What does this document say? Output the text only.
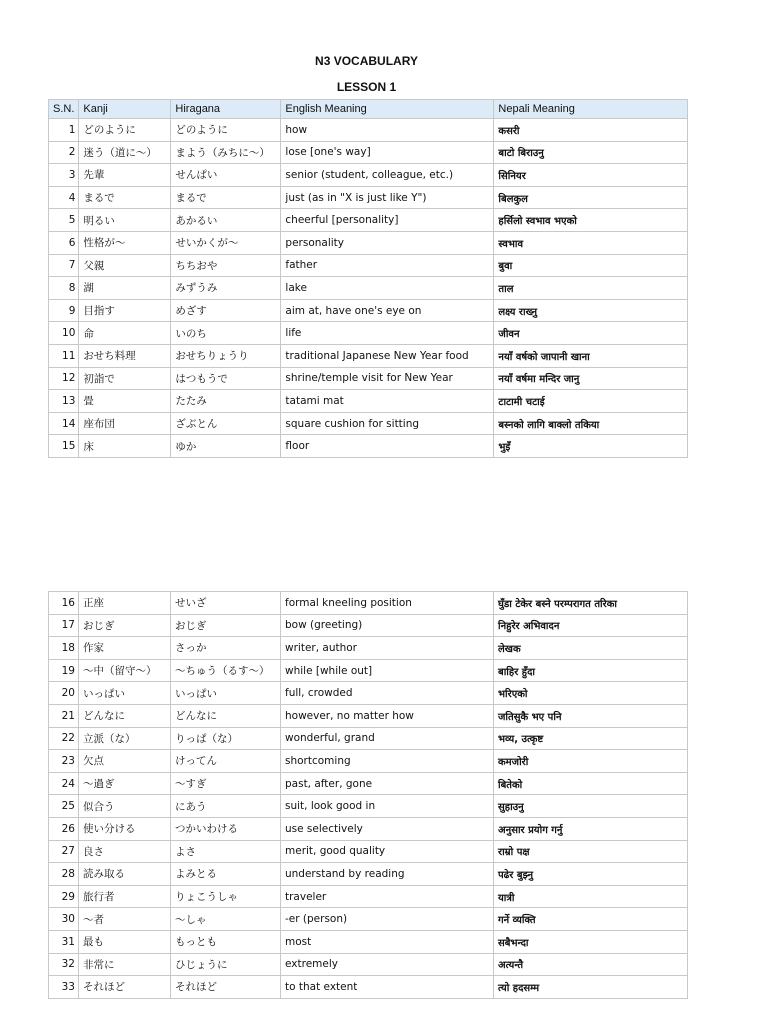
N3 VOCABULARY
LESSON 1
S.N.	Kanji	Hiragana	English Meaning	Nepali Meaning
1	どのように	どのように	how	कसरी
2	迷う（道に〜）	まよう（みちに〜）	lose [one's way]	बाटो बिराउनु
3	先輩	せんぱい	senior (student, colleague, etc.)	सिनियर
4	まるで	まるで	just (as in "X is just like Y")	बिलकुल
5	明るい	あかるい	cheerful [personality]	हर्सिलो स्वभाव भएको
6	性格が〜	せいかくが〜	personality	स्वभाव
7	父親	ちちおや	father	बुवा
8	湖	みずうみ	lake	ताल
9	目指す	めざす	aim at, have one's eye on	लक्ष्य राख्नु
10	命	いのち	life	जीवन
11	おせち料理	おせちりょうり	traditional Japanese New Year food	नयाँ वर्षको जापानी खाना
12	初詣で	はつもうで	shrine/temple visit for New Year	नयाँ वर्षमा मन्दिर जानु
13	畳	たたみ	tatami mat	टाटामी चटाई
14	座布団	ざぶとん	square cushion for sitting	बस्नको लागि बाक्लो तकिया
15	床	ゆか	floor	भुइँ
16	正座	せいざ	formal kneeling position	घुँडा टेकेर बस्ने परम्परागत तरिका
17	おじぎ	おじぎ	bow (greeting)	निहुरेर अभिवादन
18	作家	さっか	writer, author	लेखक
19	〜中（留守〜）	〜ちゅう（るす〜）	while [while out]	बाहिर हुँदा
20	いっぱい	いっぱい	full, crowded	भरिएको
21	どんなに	どんなに	however, no matter how	जतिसुकै भए पनि
22	立派（な）	りっぱ（な）	wonderful, grand	भव्य, उत्कृष्ट
23	欠点	けってん	shortcoming	कमजोरी
24	〜過ぎ	〜すぎ	past, after, gone	बितेको
25	似合う	にあう	suit, look good in	सुहाउनु
26	使い分ける	つかいわける	use selectively	अनुसार प्रयोग गर्नु
27	良さ	よさ	merit, good quality	राम्रो पक्ष
28	読み取る	よみとる	understand by reading	पढेर बुझ्नु
29	旅行者	りょこうしゃ	traveler	यात्री
30	〜者	〜しゃ	-er (person)	गर्ने व्यक्ति
31	最も	もっとも	most	सबैभन्दा
32	非常に	ひじょうに	extremely	अत्यन्तै
33	それほど	それほど	to that extent	त्यो हदसम्म
